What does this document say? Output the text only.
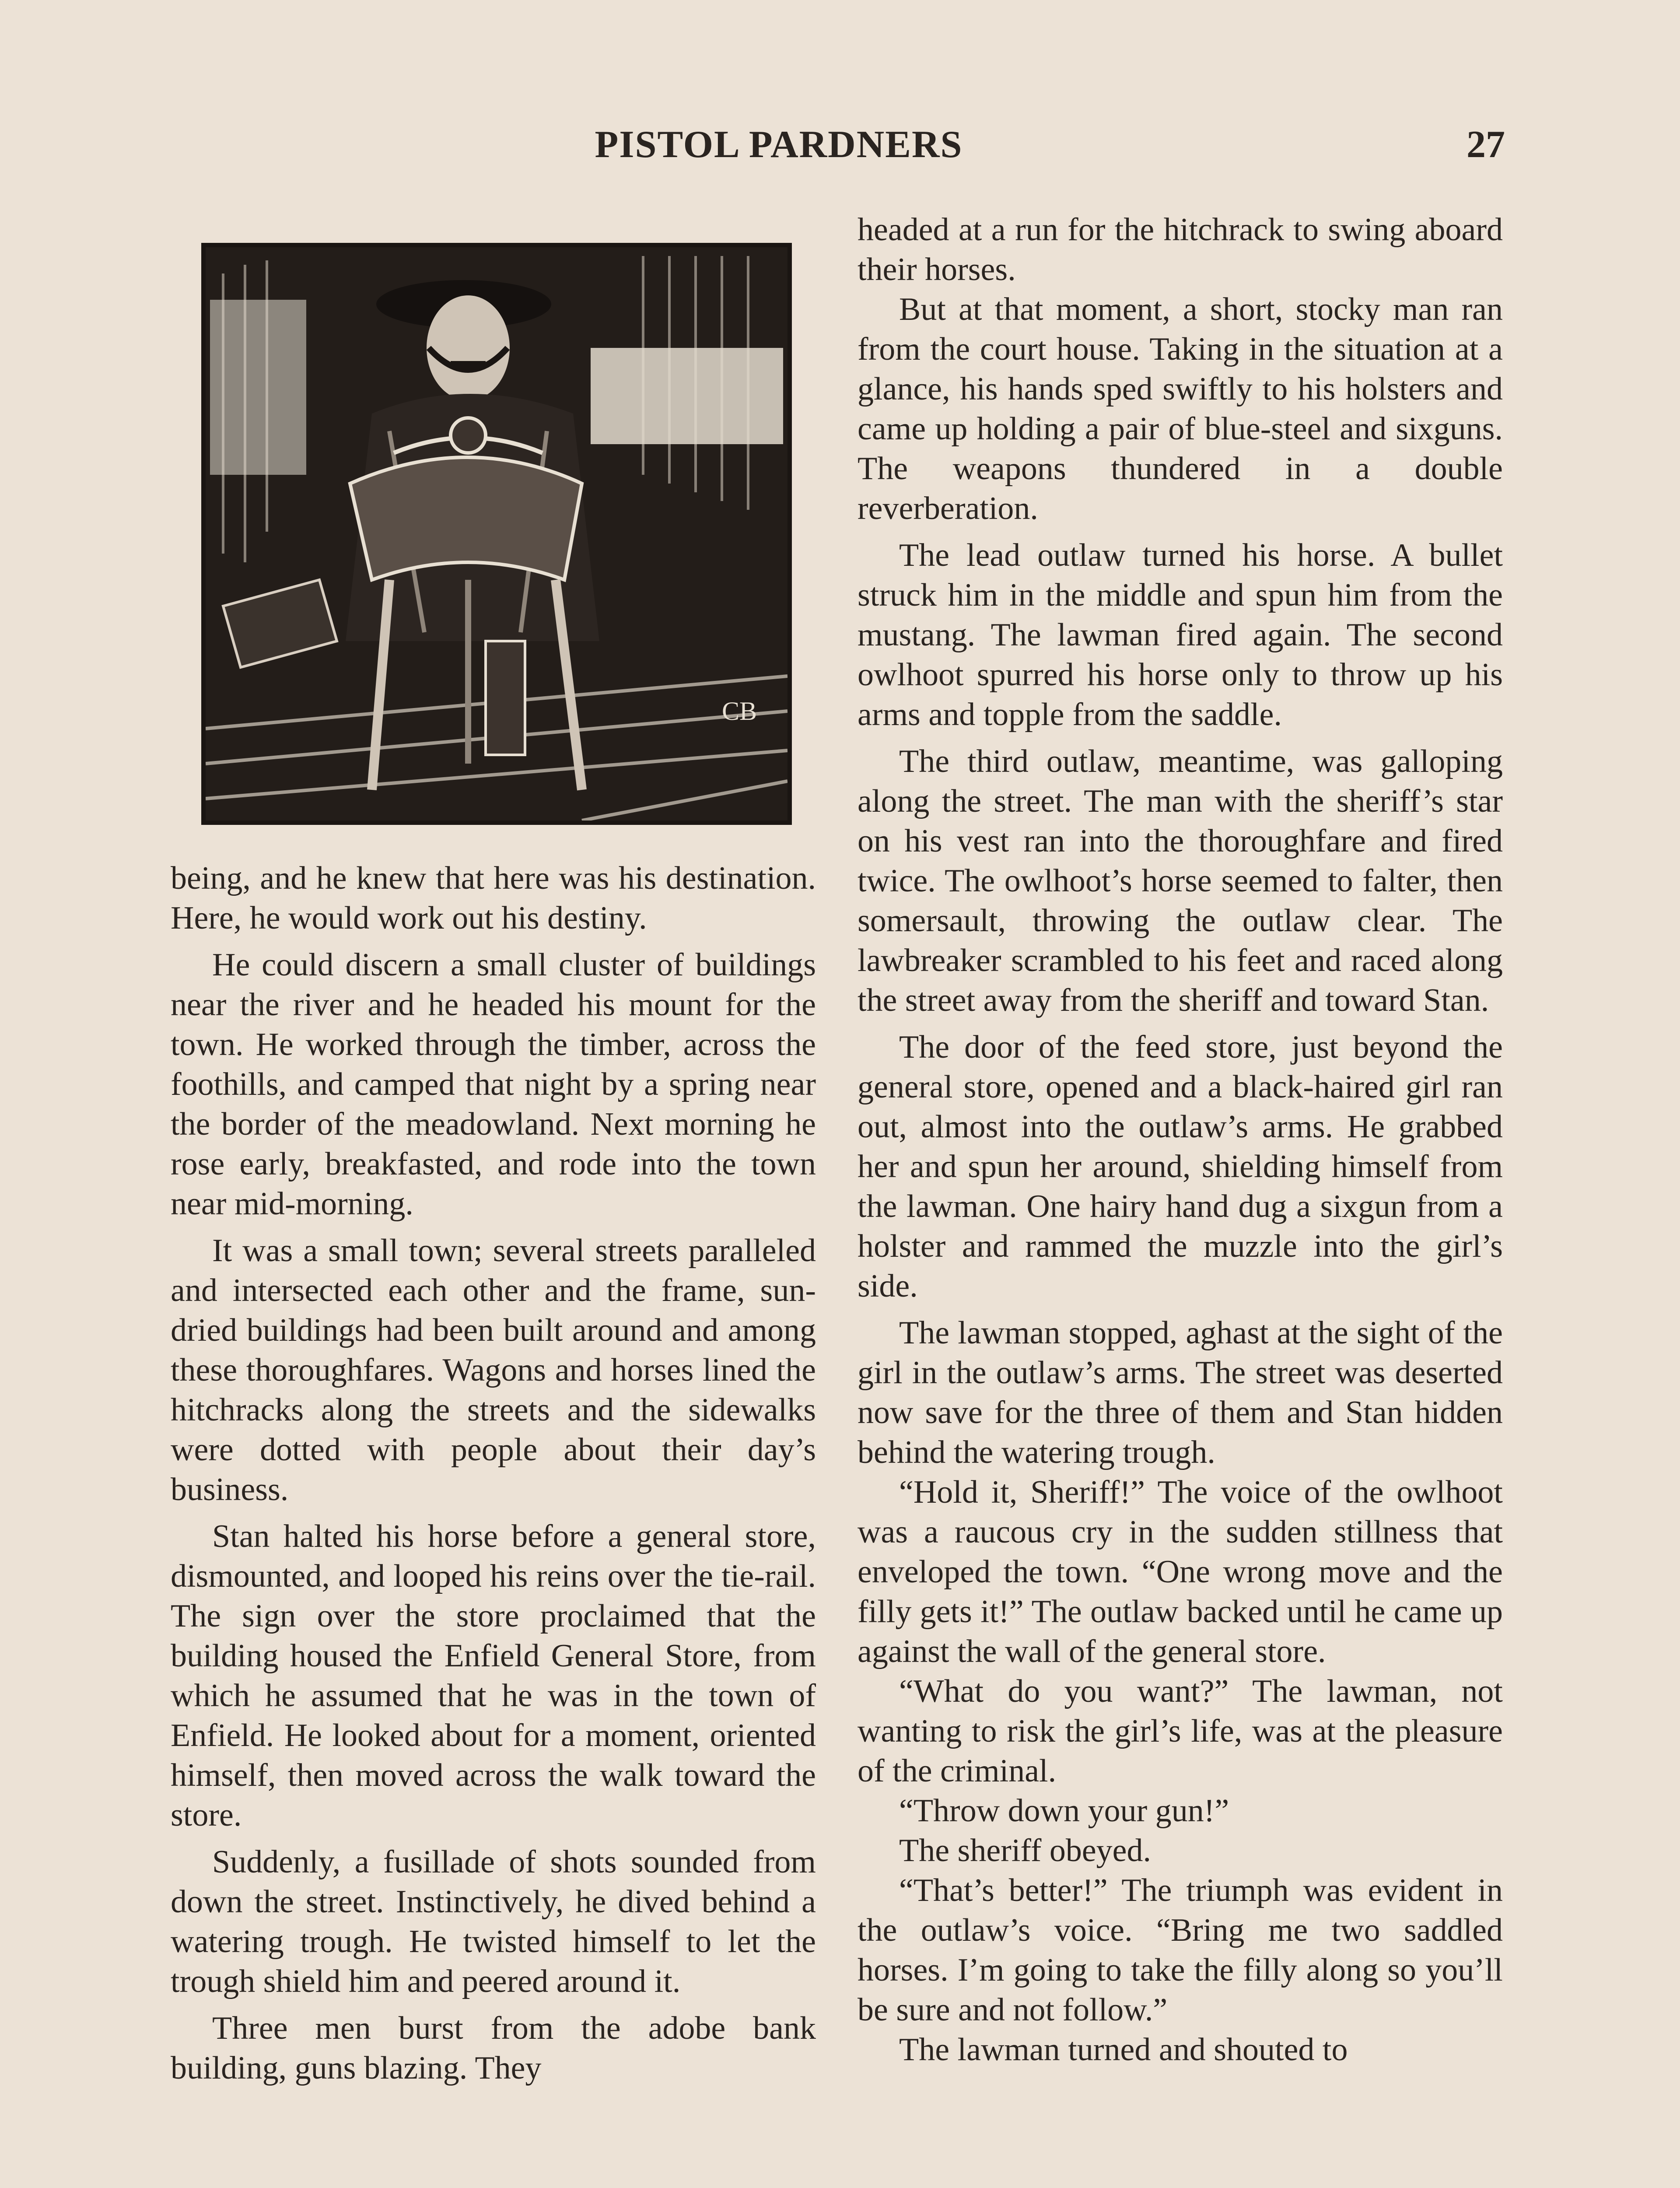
PISTOL PARDNERS	27
CB

being, and he knew that here was his destination. Here, he would work out his destiny.

He could discern a small cluster of buildings near the river and he headed his mount for the town. He worked through the timber, across the foothills, and camped that night by a spring near the border of the meadowland. Next morning he rose early, breakfasted, and rode into the town near mid-morning.

It was a small town; several streets paralleled and intersected each other and the frame, sun-dried buildings had been built around and among these thoroughfares. Wagons and horses lined the hitchracks along the streets and the sidewalks were dotted with people about their day’s business.

Stan halted his horse before a general store, dismounted, and looped his reins over the tie-rail. The sign over the store proclaimed that the building housed the Enfield General Store, from which he assumed that he was in the town of Enfield. He looked about for a moment, oriented himself, then moved across the walk toward the store.

Suddenly, a fusillade of shots sounded from down the street. Instinctively, he dived behind a watering trough. He twisted himself to let the trough shield him and peered around it.

Three men burst from the adobe bank building, guns blazing. They

headed at a run for the hitchrack to swing aboard their horses.

But at that moment, a short, stocky man ran from the court house. Taking in the situation at a glance, his hands sped swiftly to his holsters and came up holding a pair of blue-steel and sixguns. The weapons thundered in a double reverberation.

The lead outlaw turned his horse. A bullet struck him in the middle and spun him from the mustang. The lawman fired again. The second owlhoot spurred his horse only to throw up his arms and topple from the saddle.

The third outlaw, meantime, was galloping along the street. The man with the sheriff’s star on his vest ran into the thoroughfare and fired twice. The owlhoot’s horse seemed to falter, then somersault, throwing the outlaw clear. The lawbreaker scrambled to his feet and raced along the street away from the sheriff and toward Stan.

The door of the feed store, just beyond the general store, opened and a black-haired girl ran out, almost into the outlaw’s arms. He grabbed her and spun her around, shielding himself from the lawman. One hairy hand dug a sixgun from a holster and rammed the muzzle into the girl’s side.

The lawman stopped, aghast at the sight of the girl in the outlaw’s arms. The street was deserted now save for the three of them and Stan hidden behind the watering trough.

“Hold it, Sheriff!” The voice of the owlhoot was a raucous cry in the sudden stillness that enveloped the town. “One wrong move and the filly gets it!” The outlaw backed until he came up against the wall of the general store.

“What do you want?” The lawman, not wanting to risk the girl’s life, was at the pleasure of the criminal.

“Throw down your gun!”

The sheriff obeyed.

“That’s better!” The triumph was evident in the outlaw’s voice. “Bring me two saddled horses. I’m going to take the filly along so you’ll be sure and not follow.”

The lawman turned and shouted to
